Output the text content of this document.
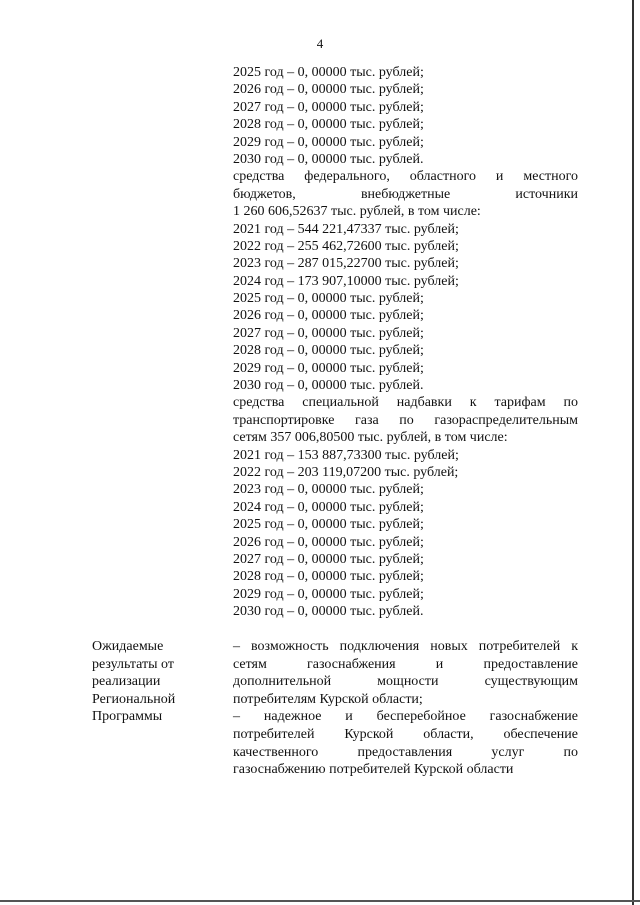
4
2025 год – 0, 00000 тыс. рублей;
2026 год – 0, 00000 тыс. рублей;
2027 год – 0, 00000 тыс. рублей;
2028 год – 0, 00000 тыс. рублей;
2029 год – 0, 00000 тыс. рублей;
2030 год – 0, 00000 тыс. рублей.
средства федерального, областного и местного
бюджетов, внебюджетные источники
1 260 606,52637 тыс. рублей, в том числе:
2021 год – 544 221,47337 тыс. рублей;
2022 год – 255 462,72600 тыс. рублей;
2023 год – 287 015,22700 тыс. рублей;
2024 год – 173 907,10000 тыс. рублей;
2025 год – 0, 00000 тыс. рублей;
2026 год – 0, 00000 тыс. рублей;
2027 год – 0, 00000 тыс. рублей;
2028 год – 0, 00000 тыс. рублей;
2029 год – 0, 00000 тыс. рублей;
2030 год – 0, 00000 тыс. рублей.
средства специальной надбавки к тарифам по
транспортировке газа по газораспределительным
сетям 357 006,80500 тыс. рублей, в том числе:
2021 год – 153 887,73300 тыс. рублей;
2022 год – 203 119,07200 тыс. рублей;
2023 год – 0, 00000 тыс. рублей;
2024 год – 0, 00000 тыс. рублей;
2025 год – 0, 00000 тыс. рублей;
2026 год – 0, 00000 тыс. рублей;
2027 год – 0, 00000 тыс. рублей;
2028 год – 0, 00000 тыс. рублей;
2029 год – 0, 00000 тыс. рублей;
2030 год – 0, 00000 тыс. рублей.
Ожидаемые
результаты от
реализации
Региональной
Программы
– возможность подключения новых потребителей к
сетям газоснабжения и предоставление
дополнительной мощности существующим
потребителям Курской области;
– надежное и бесперебойное газоснабжение
потребителей Курской области, обеспечение
качественного предоставления услуг по
газоснабжению потребителей Курской области
